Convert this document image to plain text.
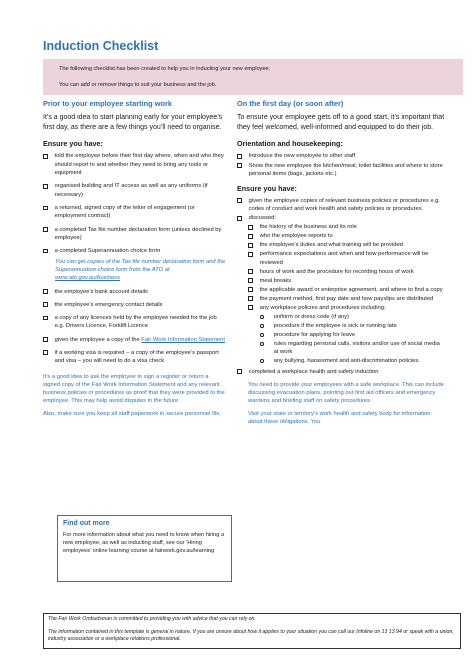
Induction Checklist
The following checklist has been created to help you in inducting your new employee.
You can add or remove things to suit your business and the job.
Prior to your employee starting work
It’s a good idea to start planning early for your employee’s first day, as there are a few things you’ll need to organise.
Ensure you have:
told the employee before their first day where, when and who they should report to and whether they need to bring any tools or equipment
organised building and IT access as well as any uniforms (if necessary)
a returned, signed copy of the letter of engagement (or employment contract)
a completed Tax file number declaration form (unless declined by employee)
a completed Superannuation choice form
You can get copies of the Tax file number declaration form and the Superannuation choice form from the ATO at www.ato.gov.au/business
the employee’s bank account details
the employee’s emergency contact details
a copy of any licences held by the employee needed for the job e.g. Drivers Licence, Forklift Licence
given the employee a copy of the Fair Work Information Statement
if a working visa is required – a copy of the employee’s passport and visa – you will need to do a visa check
It’s a good idea to ask the employee to sign a register or return a signed copy of the Fair Work Information Statement and any relevant business policies or procedures as proof that they were provided to the employee. This may help avoid disputes in the future.
Also, make sure you keep all staff paperwork in secure personnel file.
Find out more
For more information about what you need to know when hiring a new employee, as well as inducting staff, see our ‘Hiring employees’ online learning course at fairwork.gov.au/learning
On the first day (or soon after)
To ensure your employee gets off to a good start, it’s important that they feel welcomed, well-informed and equipped to do their job.
Orientation and housekeeping:
Introduce the new employee to other staff
Show the new employee the kitchen/meal, toilet facilities and where to store personal items (bags, jackets etc.)
Ensure you have:
given the employee copies of relevant business policies or procedures e.g. codes of conduct and work health and safety policies or procedures.
discussed:
the history of the business and its role
who the employee reports to
the employee’s duties and what training will be provided
performance expectations and when and how performance will be reviewed
hours of work and the procedure for recording hours of work
meal breaks
the applicable award or enterprise agreement, and where to find a copy
the payment method, first pay date and how payslips are distributed
any workplace policies and procedures including:
uniform or dress code (if any)
procedure if the employee is sick or running late
procedure for applying for leave
rules regarding personal calls, visitors and/or use of social media at work
any bullying, harassment and anti-discrimination policies.
completed a workplace health and safety induction
You need to provide your employees with a safe workplace. This can include discussing evacuation plans, pointing out first aid officers and emergency wardens and briefing staff on safety procedures.
Visit your state or territory’s work health and safety body for information about these obligations. You
The Fair Work Ombudsman is committed to providing you with advice that you can rely on.
The information contained in this template is general in nature. If you are unsure about how it applies to your situation you can call our Infoline on 13 13 94 or speak with a union, industry association or a workplace relations professional.
